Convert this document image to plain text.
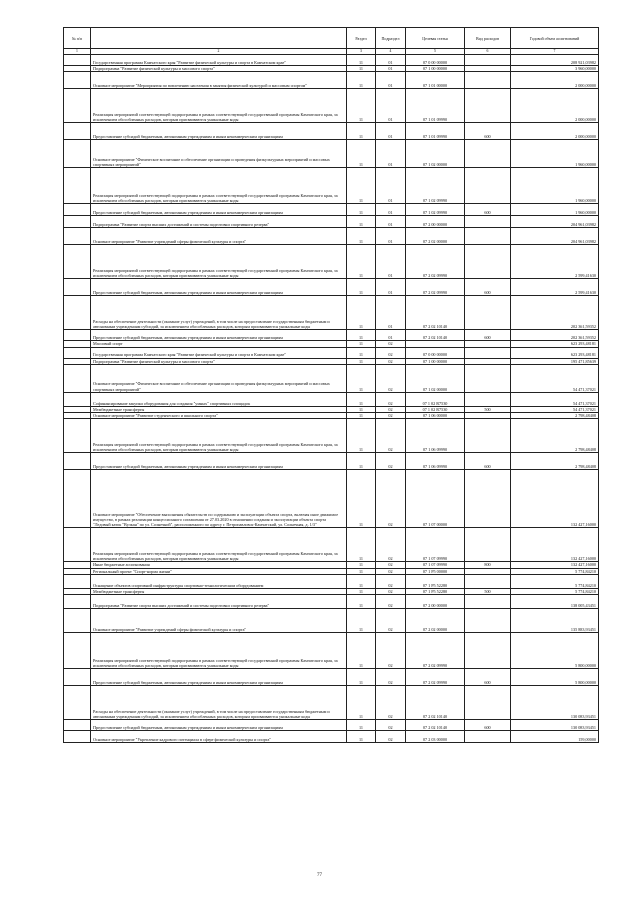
№ п/п		Раздел	Подраздел	Целевая статья	Вид расходов	Годовой объем ассигнований
1	2	3	4	5	6	7
	Государственная программа Камчатского края "Развитие физической культуры и спорта в Камчатском крае"	11	01	07 0 00 00000		208 921,03982
	Подпрограмма "Развитие физической культуры и массового спорта"	11	01	07 1 00 00000		3 960,00000
	Основное мероприятие "Мероприятия по вовлечению населения в занятия физической культурой и массовым спортом"	11	01	07 1 01 00000		2 000,00000
	Реализация мероприятий соответствующей подпрограммы в рамках соответствующей государственной программы Камчатского края, за исключением обособленных расходов, которым присваиваются уникальные коды	11	01	07 1 01 09990		2 000,00000
	Предоставление субсидий бюджетным, автономным учреждениям и иным некоммерческим организациям	11	01	07 1 01 09990	600	2 000,00000
	Основное мероприятие "Физическое воспитание и обеспечение организации и проведения физкультурных мероприятий и массовых спортивных мероприятий"	11	01	07 1 02 00000		1 960,00000
	Реализация мероприятий соответствующей подпрограммы в рамках соответствующей государственной программы Камчатского края, за исключением обособленных расходов, которым присваиваются уникальные коды	11	01	07 1 02 09990		1 960,00000
	Предоставление субсидий бюджетным, автономным учреждениям и иным некоммерческим организациям	11	01	07 1 02 09990	600	1 960,00000
	Подпрограмма "Развитие спорта высших достижений и системы подготовки спортивного резерва"	11	01	07 2 00 00000		204 961,03982
	Основное мероприятие "Развитие учреждений сферы физической культуры и спорта"	11	01	07 2 02 00000		204 961,03982
	Реализация мероприятий соответствующей подпрограммы в рамках соответствующей государственной программы Камчатского края, за исключением обособленных расходов, которым присваиваются уникальные коды	11	01	07 2 02 09990		2 599,41630
	Предоставление субсидий бюджетным, автономным учреждениям и иным некоммерческим организациям	11	01	07 2 02 09990	600	2 599,41630
	Расходы на обеспечение деятельности (оказание услуг) учреждений, в том числе на предоставление государственным бюджетным и автономным учреждениям субсидий, за исключением обособленных расходов, которым присваиваются уникальные коды	11	01	07 2 02 10140		202 361,59352
	Предоставление субсидий бюджетным, автономным учреждениям и иным некоммерческим организациям	11	01	07 2 02 10140	600	202 361,59352
	Массовый спорт	11	02			623 293,48181
	Государственная программа Камчатского края "Развитие физической культуры и спорта в Камчатском крае"	11	02	07 0 00 00000		623 293,48181
	Подпрограмма "Развитие физической культуры и массового спорта"	11	02	07 1 00 00000		195 471,85639
	Основное мероприятие "Физическое воспитание и обеспечение организации и проведения физкультурных мероприятий и массовых спортивных мероприятий"	11	02	07 1 02 00000		54 471,37021
	Софинансирование закупки оборудования для создания "умных" спортивных площадок	11	02	07 1 02 R7530		54 471,37021
	Межбюджетные трансферты	11	02	07 1 02 R7530	500	54 471,37021
	Основное мероприятие "Развитие студенческого и школьного спорта"	11	02	07 1 06 00000		2 798,48408
	Реализация мероприятий соответствующей подпрограммы в рамках соответствующей государственной программы Камчатского края, за исключением обособленных расходов, которым присваиваются уникальные коды	11	02	07 1 06 09990		2 798,48408
	Предоставление субсидий бюджетным, автономным учреждениям и иным некоммерческим организациям	11	02	07 1 06 09990	600	2 798,48408
	Основное мероприятие "Обеспечение выполнения обязательств по содержанию и эксплуатации объекта спорта, включая иное движимое имущество, в рамках реализации концессионного соглашения от 27.03.2020 в отношении создания и эксплуатации объекта спорта "Ледовый каток "Вулкан" по ул. Солнечной", расположенного по адресу г. Петропавловск-Камчатский, ул. Солнечная, д. 1/3"	11	02	07 1 07 00000		132 427,16000
	Реализация мероприятий соответствующей подпрограммы в рамках соответствующей государственной программы Камчатского края, за исключением обособленных расходов, которым присваиваются уникальные коды	11	02	07 1 07 09990		132 427,16000
	Иные бюджетные ассигнования	11	02	07 1 07 09990	800	132 427,16000
	Региональный проект "Спорт-норма жизни"	11	02	07 1 P5 00000		5 774,84210
	Оснащение объектов спортивной инфраструктуры спортивно-технологическим оборудованием	11	02	07 1 P5 52280		5 774,84210
	Межбюджетные трансферты	11	02	07 1 P5 52280	500	5 774,84210
	Подпрограмма "Развитие спорта высших достижений и системы подготовки спортивного резерва"	11	02	07 2 00 00000		138 005,43451
	Основное мероприятие "Развитие учреждений сферы физической культуры и спорта"	11	02	07 2 02 00000		135 883,93451
	Реализация мероприятий соответствующей подпрограммы в рамках соответствующей государственной программы Камчатского края, за исключением обособленных расходов, которым присваиваются уникальные коды	11	02	07 2 02 09990		5 800,00000
	Предоставление субсидий бюджетным, автономным учреждениям и иным некоммерческим организациям	11	02	07 2 02 09990	600	5 800,00000
	Расходы на обеспечение деятельности (оказание услуг) учреждений, в том числе на предоставление государственным бюджетным и автономным учреждениям субсидий, за исключением обособленных расходов, которым присваиваются уникальные коды	11	02	07 2 02 10140		130 083,93451
	Предоставление субсидий бюджетным, автономным учреждениям и иным некоммерческим организациям	11	02	07 2 02 10140	600	130 083,93451
	Основное мероприятие "Укрепление кадрового потенциала в сфере физической культуры и спорта"	11	02	07 2 03 00000		159,00000
77
